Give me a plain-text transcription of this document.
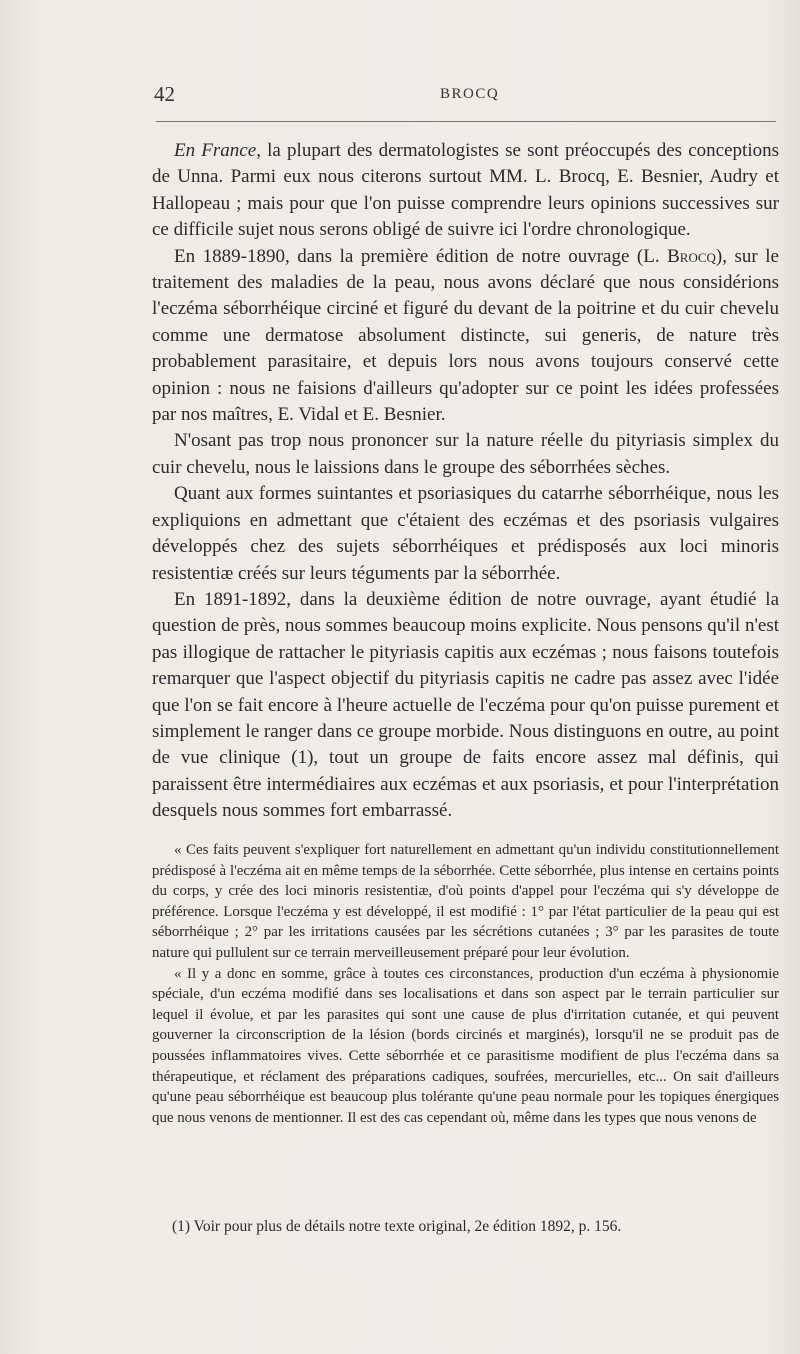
42	BROCQ

En France, la plupart des dermatologistes se sont préoccupés des conceptions de Unna. Parmi eux nous citerons surtout MM. L. Brocq, E. Besnier, Audry et Hallopeau ; mais pour que l'on puisse comprendre leurs opinions successives sur ce difficile sujet nous serons obligé de suivre ici l'ordre chronologique.

En 1889-1890, dans la première édition de notre ouvrage (L. Brocq), sur le traitement des maladies de la peau, nous avons déclaré que nous considérions l'eczéma séborrhéique circiné et figuré du devant de la poitrine et du cuir chevelu comme une dermatose absolument distincte, sui generis, de nature très probablement parasitaire, et depuis lors nous avons toujours conservé cette opinion : nous ne faisions d'ailleurs qu'adopter sur ce point les idées professées par nos maîtres, E. Vidal et E. Besnier.

N'osant pas trop nous prononcer sur la nature réelle du pityriasis simplex du cuir chevelu, nous le laissions dans le groupe des séborrhées sèches.

Quant aux formes suintantes et psoriasiques du catarrhe séborrhéique, nous les expliquions en admettant que c'étaient des eczémas et des psoriasis vulgaires développés chez des sujets séborrhéiques et prédisposés aux loci minoris resistentiæ créés sur leurs téguments par la séborrhée.

En 1891-1892, dans la deuxième édition de notre ouvrage, ayant étudié la question de près, nous sommes beaucoup moins explicite. Nous pensons qu'il n'est pas illogique de rattacher le pityriasis capitis aux eczémas ; nous faisons toutefois remarquer que l'aspect objectif du pityriasis capitis ne cadre pas assez avec l'idée que l'on se fait encore à l'heure actuelle de l'eczéma pour qu'on puisse purement et simplement le ranger dans ce groupe morbide. Nous distinguons en outre, au point de vue clinique (1), tout un groupe de faits encore assez mal définis, qui paraissent être intermédiaires aux eczémas et aux psoriasis, et pour l'interprétation desquels nous sommes fort embarrassé.

« Ces faits peuvent s'expliquer fort naturellement en admettant qu'un individu constitutionnellement prédisposé à l'eczéma ait en même temps de la séborrhée. Cette séborrhée, plus intense en certains points du corps, y crée des loci minoris resistentiæ, d'où points d'appel pour l'eczéma qui s'y développe de préférence. Lorsque l'eczéma y est développé, il est modifié : 1° par l'état particulier de la peau qui est séborrhéique ; 2° par les irritations causées par les sécrétions cutanées ; 3° par les parasites de toute nature qui pullulent sur ce terrain merveilleusement préparé pour leur évolution.

« Il y a donc en somme, grâce à toutes ces circonstances, production d'un eczéma à physionomie spéciale, d'un eczéma modifié dans ses localisations et dans son aspect par le terrain particulier sur lequel il évolue, et par les parasites qui sont une cause de plus d'irritation cutanée, et qui peuvent gouverner la circonscription de la lésion (bords circinés et marginés), lorsqu'il ne se produit pas de poussées inflammatoires vives. Cette séborrhée et ce parasitisme modifient de plus l'eczéma dans sa thérapeutique, et réclament des préparations cadiques, soufrées, mercurielles, etc... On sait d'ailleurs qu'une peau séborrhéique est beaucoup plus tolérante qu'une peau normale pour les topiques énergiques que nous venons de mentionner. Il est des cas cependant où, même dans les types que nous venons de

(1) Voir pour plus de détails notre texte original, 2e édition 1892, p. 156.
